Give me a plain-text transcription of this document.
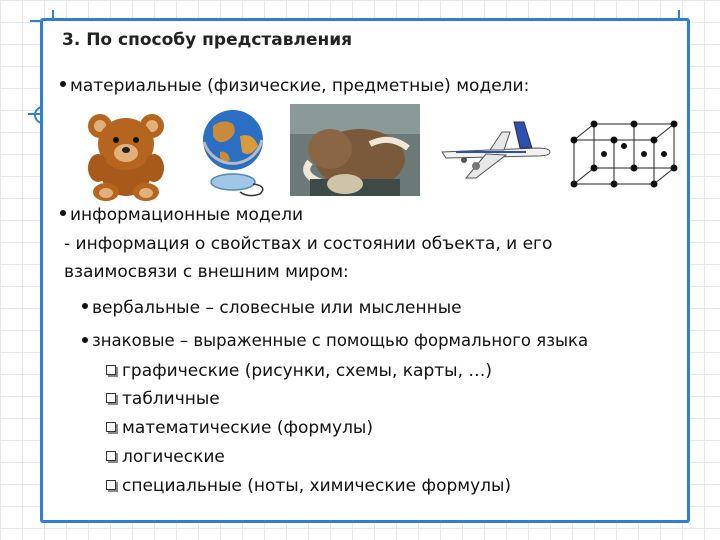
3. По способу представления
материальные (физические, предметные) модели:
информационные модели
- информация о свойствах и состоянии объекта, и его
взаимосвязи с внешним миром:
вербальные – словесные или мысленные
знаковые – выраженные с помощью формального языка
графические (рисунки, схемы, карты, …)
табличные
математические (формулы)
логические
специальные (ноты, химические формулы)
